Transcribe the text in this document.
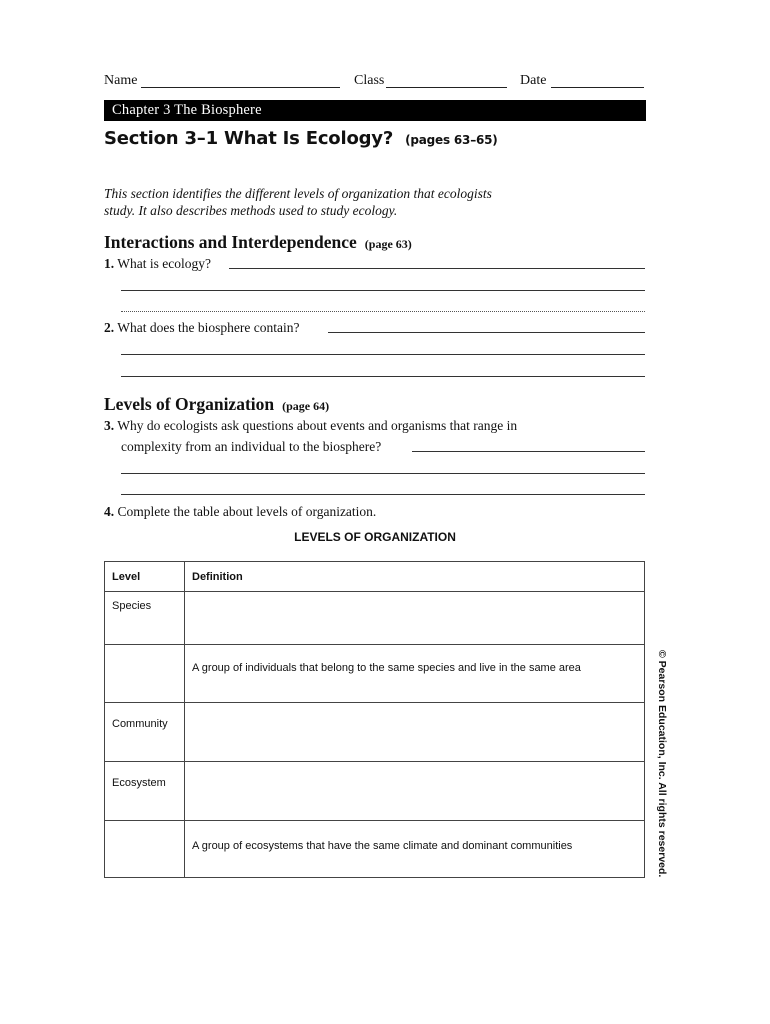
Name	Class	Date
Chapter 3 The Biosphere
Section 3–1 What Is Ecology? (pages 63–65)
This section identifies the different levels of organization that ecologists study. It also describes methods used to study ecology.
Interactions and Interdependence (page 63)
1. What is ecology?
2. What does the biosphere contain?
Levels of Organization (page 64)
3. Why do ecologists ask questions about events and organisms that range in
complexity from an individual to the biosphere?
4. Complete the table about levels of organization.
LEVELS OF ORGANIZATION
Level	Definition
Species	
	A group of individuals that belong to the same species and live in the same area
Community	
Ecosystem	
	A group of ecosystems that have the same climate and dominant communities	© Pearson Education, Inc. All rights reserved.
